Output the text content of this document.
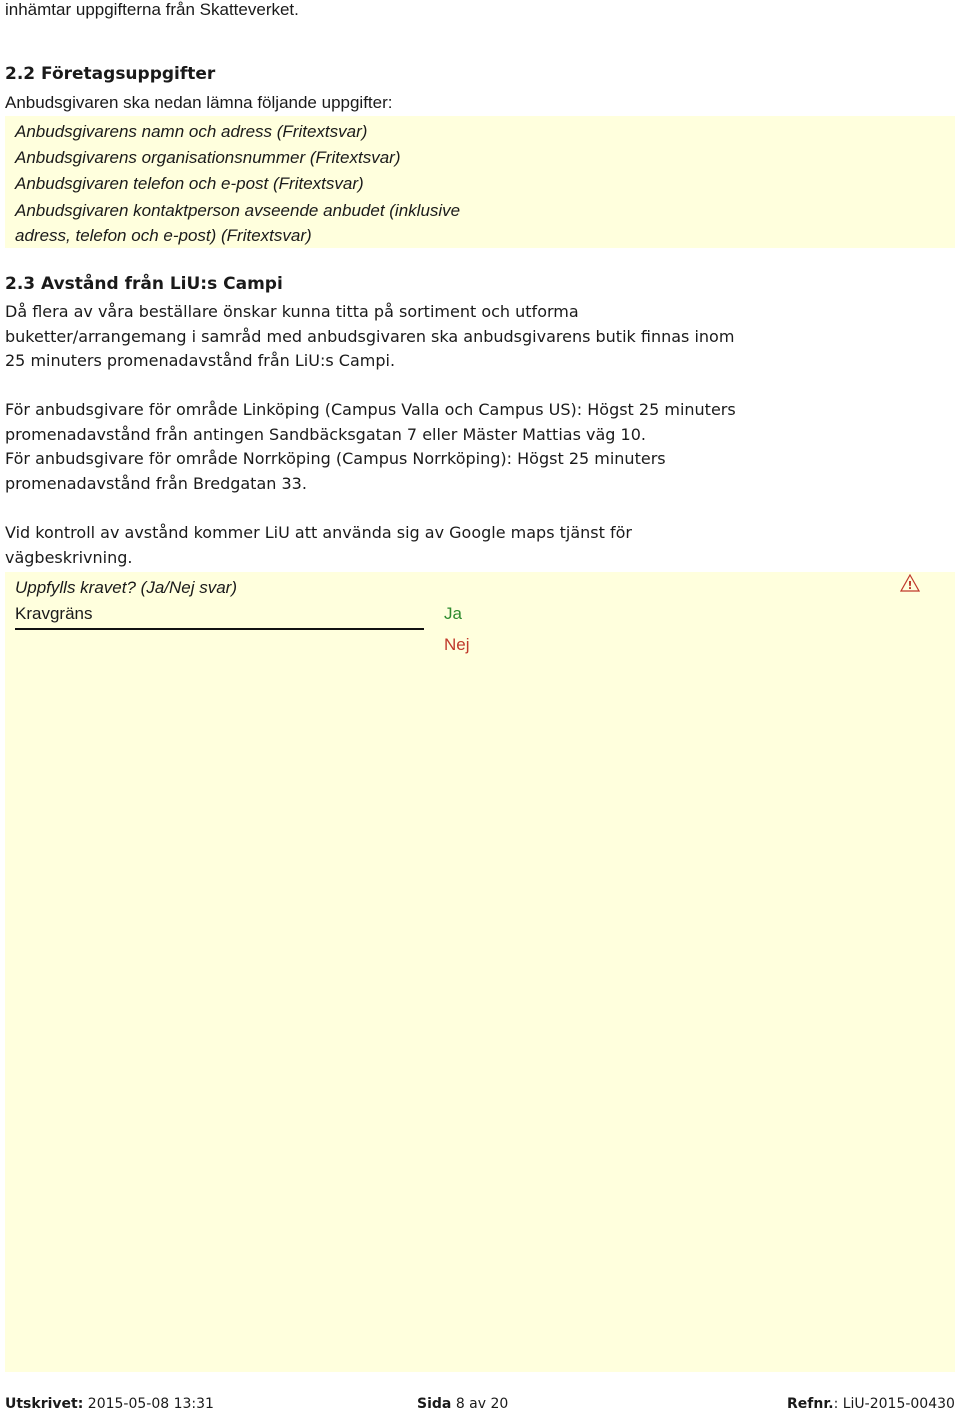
inhämtar uppgifterna från Skatteverket.
2.2 Företagsuppgifter
Anbudsgivaren ska nedan lämna följande uppgifter:
Anbudsgivarens namn och adress (Fritextsvar)
Anbudsgivarens organisationsnummer (Fritextsvar)
Anbudsgivaren telefon och e-post (Fritextsvar)
Anbudsgivaren kontaktperson avseende anbudet (inklusive
adress, telefon och e-post) (Fritextsvar)
2.3 Avstånd från LiU:s Campi
Då flera av våra beställare önskar kunna titta på sortiment och utforma
buketter/arrangemang i samråd med anbudsgivaren ska anbudsgivarens butik finnas inom
25 minuters promenadavstånd från LiU:s Campi.
För anbudsgivare för område Linköping (Campus Valla och Campus US): Högst 25 minuters
promenadavstånd från antingen Sandbäcksgatan 7 eller Mäster Mattias väg 10.
För anbudsgivare för område Norrköping (Campus Norrköping): Högst 25 minuters
promenadavstånd från Bredgatan 33.
Vid kontroll av avstånd kommer LiU att använda sig av Google maps tjänst för
vägbeskrivning.
Uppfylls kravet? (Ja/Nej svar)
Kravgräns	Ja
Nej
!
Utskrivet: 2015-05-08 13:31	Sida 8 av 20	Refnr.: LiU-2015-00430
